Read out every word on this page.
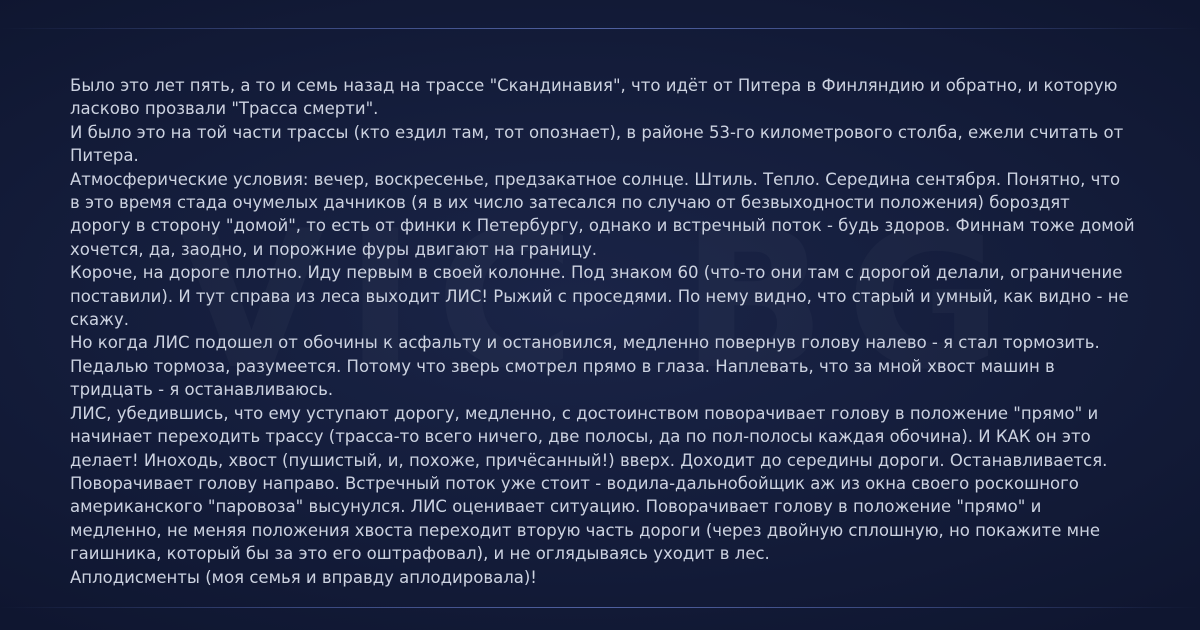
Было это лет пять, а то и семь назад на трассе "Скандинавия", что идёт от Питера в Финляндию и обратно, и которую ласково прозвали "Трасса смерти".

И было это на той части трассы (кто ездил там, тот опознает), в районе 53-го километрового столба, ежели считать от Питера.

Атмосферические условия: вечер, воскресенье, предзакатное солнце. Штиль. Тепло. Середина сентября. Понятно, что в это время стада очумелых дачников (я в их число затесался по случаю от безвыходности положения) бороздят дорогу в сторону "домой", то есть от финки к Петербургу, однако и встречный поток - будь здоров. Финнам тоже домой хочется, да, заодно, и порожние фуры двигают на границу.

Короче, на дороге плотно. Иду первым в своей колонне. Под знаком 60 (что-то они там с дорогой делали, ограничение поставили). И тут справа из леса выходит ЛИС! Рыжий с проседями. По нему видно, что старый и умный, как видно - не скажу.

Но когда ЛИС подошел от обочины к асфальту и остановился, медленно повернув голову налево - я стал тормозить. Педалью тормоза, разумеется. Потому что зверь смотрел прямо в глаза. Наплевать, что за мной хвост машин в тридцать - я останавливаюсь.

ЛИС, убедившись, что ему уступают дорогу, медленно, с достоинством поворачивает голову в положение "прямо" и начинает переходить трассу (трасса-то всего ничего, две полосы, да по пол-полосы каждая обочина). И КАК он это делает! Иноходь, хвост (пушистый, и, похоже, причёсанный!) вверх. Доходит до середины дороги. Останавливается. Поворачивает голову направо. Встречный поток уже стоит - водила-дальнобойщик аж из окна своего роскошного американского "паровоза" высунулся. ЛИС оценивает ситуацию. Поворачивает голову в положение "прямо" и медленно, не меняя положения хвоста переходит вторую часть дороги (через двойную сплошную, но покажите мне гаишника, который бы за это его оштрафовал), и не оглядываясь уходит в лес.

Аплодисменты (моя семья и вправду аплодировала)!
